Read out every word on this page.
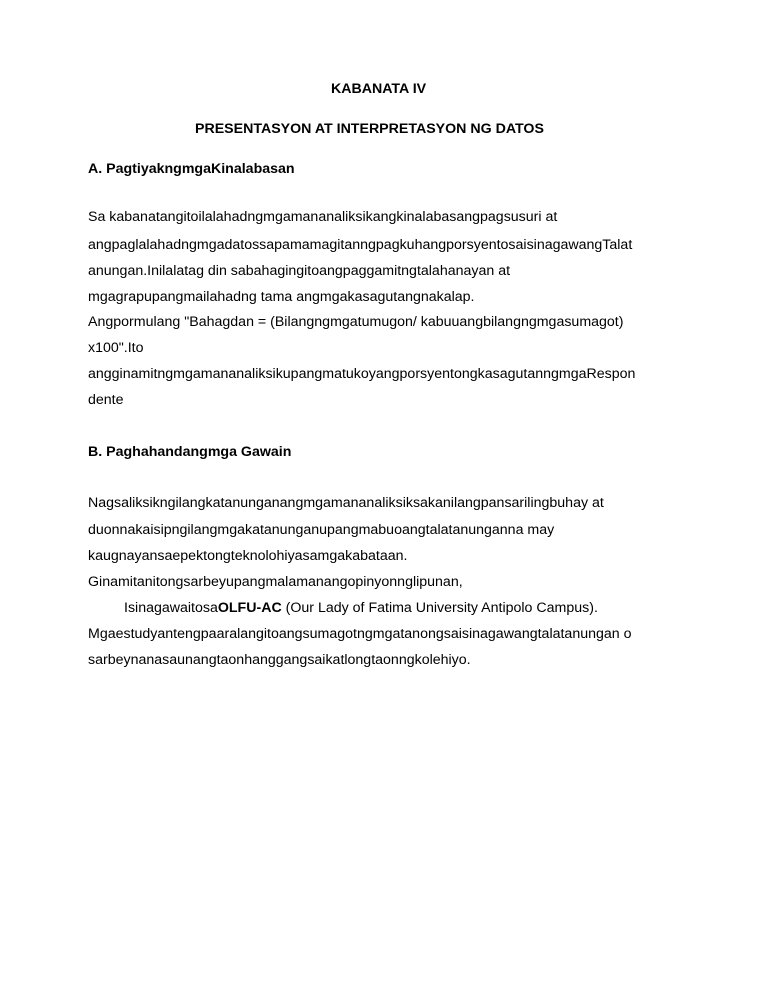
KABANATA IV
PRESENTASYON AT INTERPRETASYON NG DATOS
A. PagtiyakngmgaKinalabasan
Sa kabanatangitoilalahadngmgamananaliksikangkinalabasangpagsusuri at
angpaglalahadngmgadatossapamamagitanngpagkuhangporsyentosaisinagawangTalat
anungan.Inilalatag din sabahagingitoangpaggamitngtalahanayan at
mgagrapupangmailahadng tama angmgakasagutangnakalap.
Angpormulang "Bahagdan = (Bilangngmgatumugon/ kabuuangbilangngmgasumagot)
x100".Ito
angginamitngmgamananaliksikupangmatukoyangporsyentongkasagutanngmgaRespon
dente
B. Paghahandangmga Gawain
Nagsaliksikngilangkatanunganangmgamananaliksiksakanilangpansarilingbuhay at
duonnakaisipngilangmgakatanunganupangmabuoangtalatanunganna may
kaugnayansaepektongteknolohiyasamgakabataan.
Ginamitanitongsarbeyupangmalamanangopinyonnglipunan,
IsinagawaitosaOLFU-AC (Our Lady of Fatima University Antipolo Campus).
Mgaestudyantengpaaralangitoangsumagotngmgatanongsaisinagawangtalatanungan o
sarbeynanasaunangtaonhanggangsaikatlongtaonngkolehiyo.
